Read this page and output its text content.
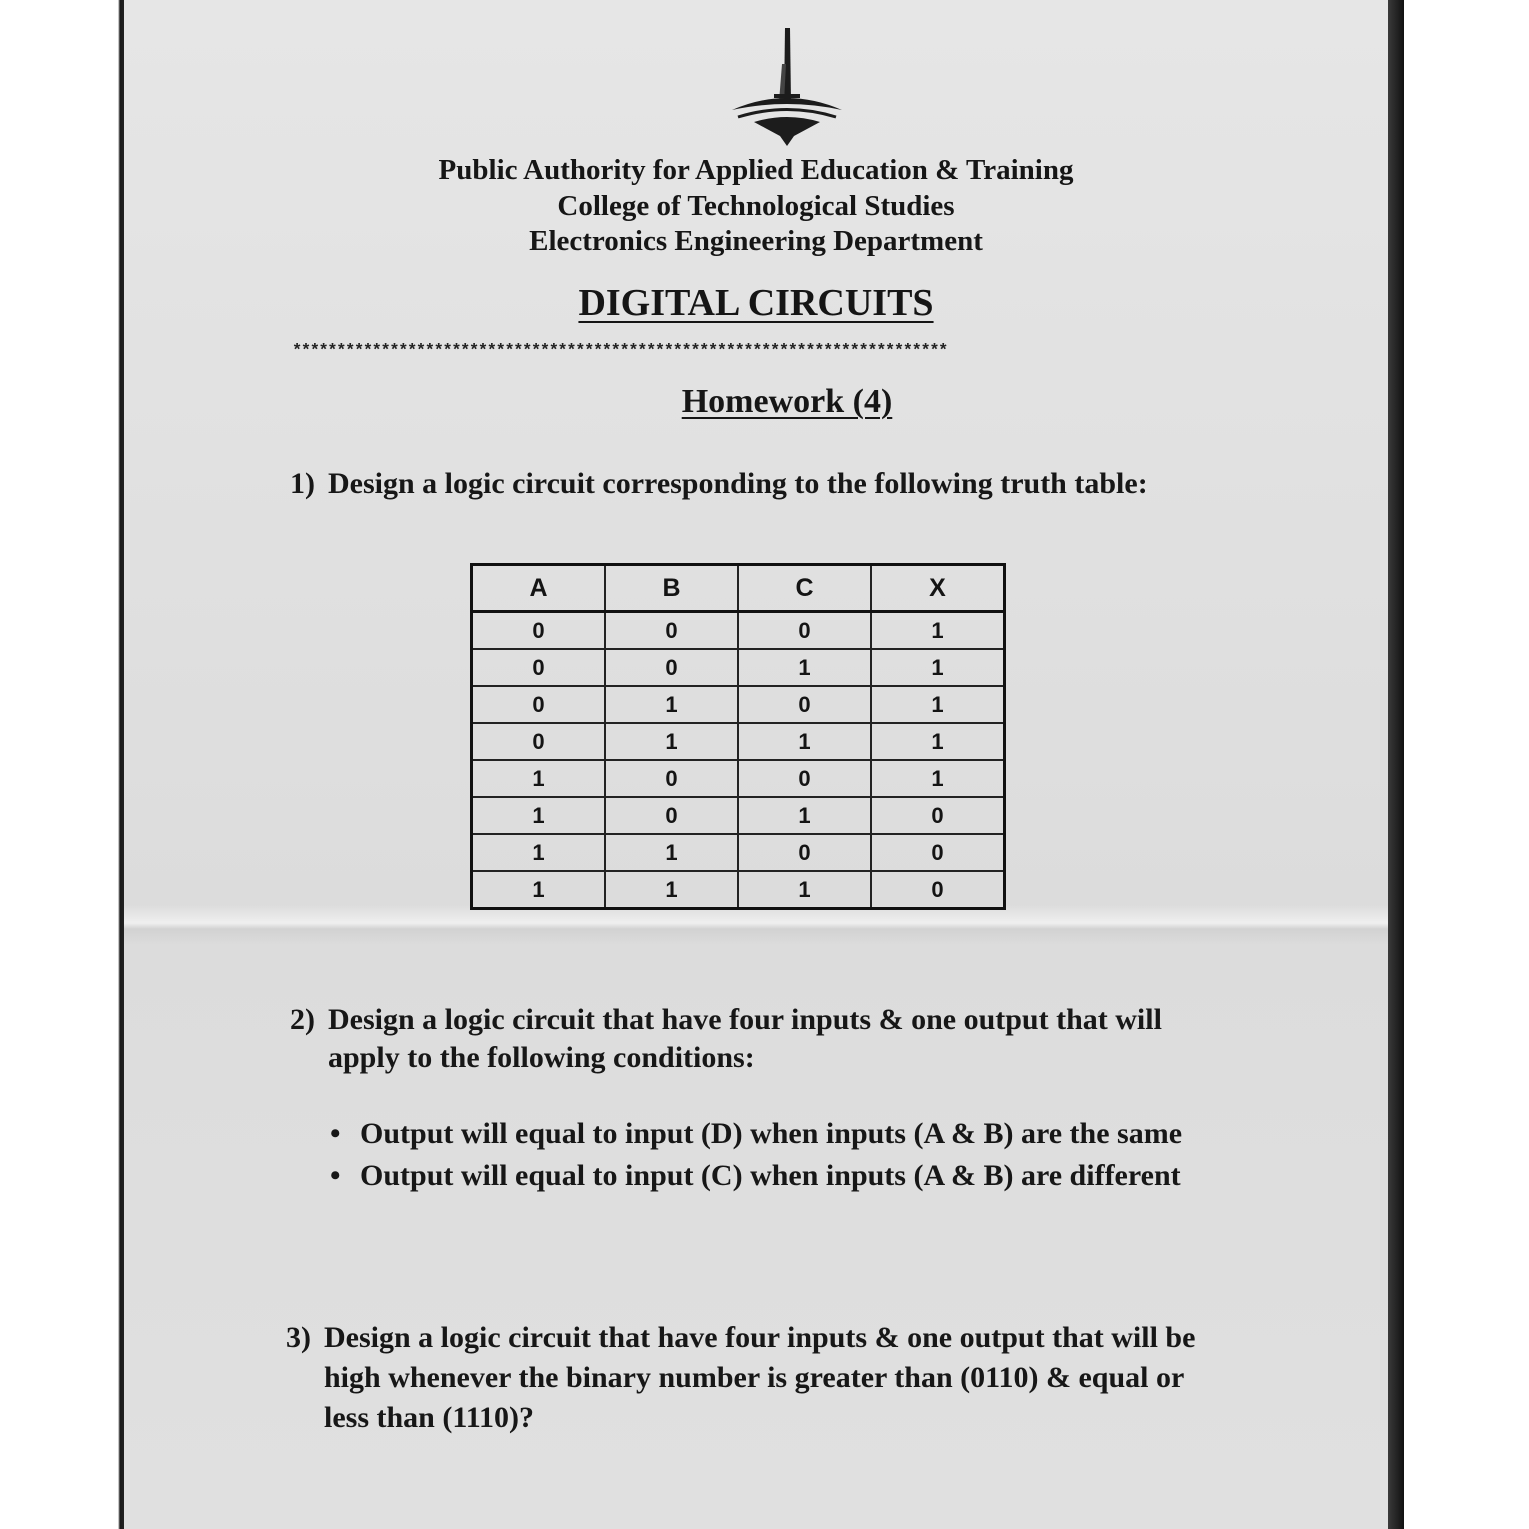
Public Authority for Applied Education & Training
College of Technological Studies
Electronics Engineering Department
DIGITAL CIRCUITS
**************************************************************************
Homework (4)
1) Design a logic circuit corresponding to the following truth table:
A	B	C	X
0	0	0	1
0	0	1	1
0	1	0	1
0	1	1	1
1	0	0	1
1	0	1	0
1	1	0	0
1	1	1	0
2) Design a logic circuit that have four inputs & one output that will
apply to the following conditions:
• Output will equal to input (D) when inputs (A & B) are the same
• Output will equal to input (C) when inputs (A & B) are different
3) Design a logic circuit that have four inputs & one output that will be
high whenever the binary number is greater than (0110) & equal or
less than (1110)?
